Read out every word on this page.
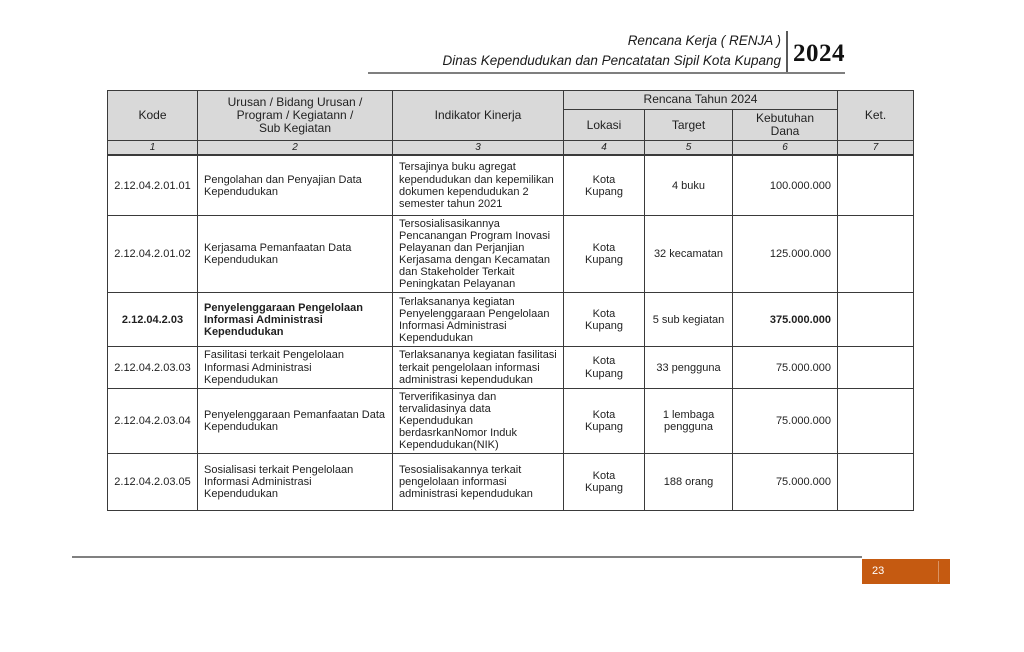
Rencana Kerja ( RENJA )
Dinas Kependudukan dan Pencatatan Sipil Kota Kupang 2024
Kode	Urusan / Bidang Urusan /
Program / Kegiatann /
Sub Kegiatan	Indikator Kinerja	Rencana Tahun 2024			Ket.
			Lokasi	Target	Kebutuhan Dana	
1	2	3	4	5	6	7
2.12.04.2.01.01	Pengolahan dan Penyajian Data Kependudukan	Tersajinya buku agregat kependudukan dan kepemilikan dokumen kependudukan 2 semester tahun 2021	Kota Kupang	4 buku	100.000.000	
2.12.04.2.01.02	Kerjasama Pemanfaatan Data Kependudukan	Tersosialisasikannya Pencanangan Program Inovasi Pelayanan dan Perjanjian Kerjasama dengan Kecamatan dan Stakeholder Terkait Peningkatan Pelayanan	Kota Kupang	32 kecamatan	125.000.000	
2.12.04.2.03	Penyelenggaraan Pengelolaan Informasi Administrasi Kependudukan	Terlaksananya kegiatan Penyelenggaraan Pengelolaan Informasi Administrasi Kependudukan	Kota Kupang	5 sub kegiatan	375.000.000	
2.12.04.2.03.03	Fasilitasi terkait Pengelolaan Informasi Administrasi Kependudukan	Terlaksananya kegiatan fasilitasi terkait pengelolaan informasi administrasi kependudukan	Kota Kupang	33 pengguna	75.000.000	
2.12.04.2.03.04	Penyelenggaraan Pemanfaatan Data Kependudukan	Terverifikasinya dan tervalidasinya data Kependudukan berdasrkanNomor Induk Kependudukan(NIK)	Kota Kupang	1 lembaga pengguna	75.000.000	
2.12.04.2.03.05	Sosialisasi terkait Pengelolaan Informasi Administrasi Kependudukan	Tesosialisakannya terkait pengelolaan informasi administrasi kependudukan	Kota Kupang	188 orang	75.000.000	
23
